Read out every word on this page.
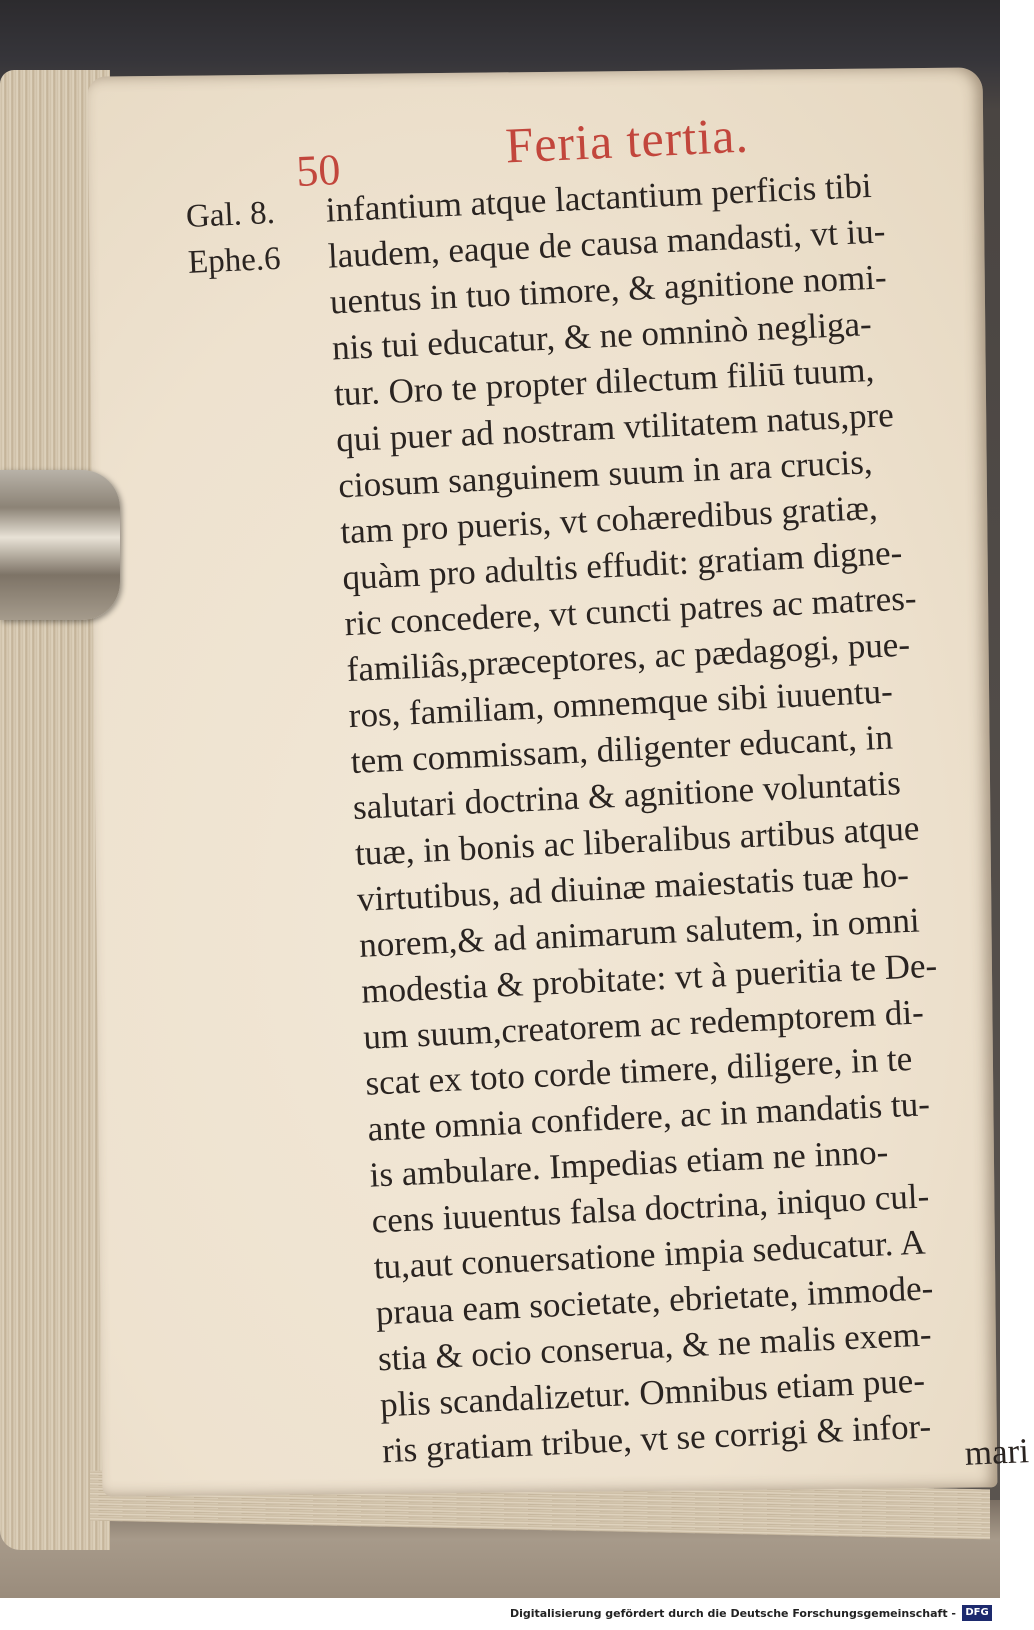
50	Feria tertia.
Gal. 8.
Ephe.6
infantium atque lactantium perficis tibi
laudem, eaque de causa mandasti, vt iu-
uentus in tuo timore, & agnitione nomi-
nis tui educatur, & ne omninò negliga-
tur. Oro te propter dilectum filiū tuum,
qui puer ad nostram vtilitatem natus,pre
ciosum sanguinem suum in ara crucis,
tam pro pueris, vt cohæredibus gratiæ,
quàm pro adultis effudit: gratiam digne-
ric concedere, vt cuncti patres ac matres-
familiâs,præceptores, ac pædagogi, pue-
ros, familiam, omnemque sibi iuuentu-
tem commissam, diligenter educant, in
salutari doctrina & agnitione voluntatis
tuæ, in bonis ac liberalibus artibus atque
virtutibus, ad diuinæ maiestatis tuæ ho-
norem,& ad animarum salutem, in omni
modestia & probitate: vt à pueritia te De-
um suum,creatorem ac redemptorem di-
scat ex toto corde timere, diligere, in te
ante omnia confidere, ac in mandatis tu-
is ambulare. Impedias etiam ne inno-
cens iuuentus falsa doctrina, iniquo cul-
tu,aut conuersatione impia seducatur. A
praua eam societate, ebrietate, immode-
stia & ocio conserua, & ne malis exem-
plis scandalizetur. Omnibus etiam pue-
ris gratiam tribue, vt se corrigi & infor- mari
Digitalisierung gefördert durch die Deutsche Forschungsgemeinschaft - DFG
